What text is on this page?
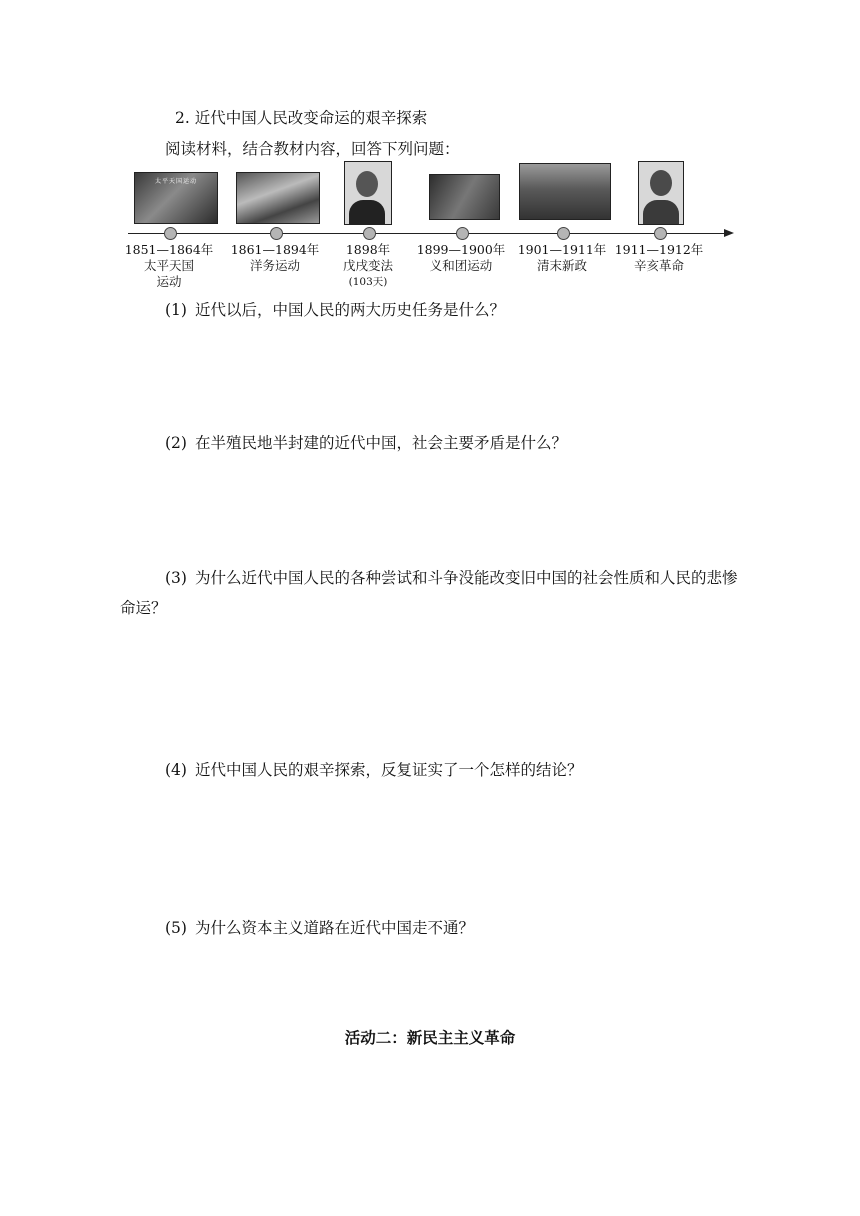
2. 近代中国人民改变命运的艰辛探索
阅读材料，结合教材内容，回答下列问题：
太平天国运动
1851—1864年
太平天国
运动
1861—1894年
洋务运动
1898年
戊戌变法
(103天)
1899—1900年
义和团运动
1901—1911年
清末新政
1911—1912年
辛亥革命
(1) 近代以后，中国人民的两大历史任务是什么？
(2) 在半殖民地半封建的近代中国，社会主要矛盾是什么？
(3) 为什么近代中国人民的各种尝试和斗争没能改变旧中国的社会性质和人民的悲惨命运？
(4) 近代中国人民的艰辛探索，反复证实了一个怎样的结论？
(5) 为什么资本主义道路在近代中国走不通？
活动二：新民主主义革命
